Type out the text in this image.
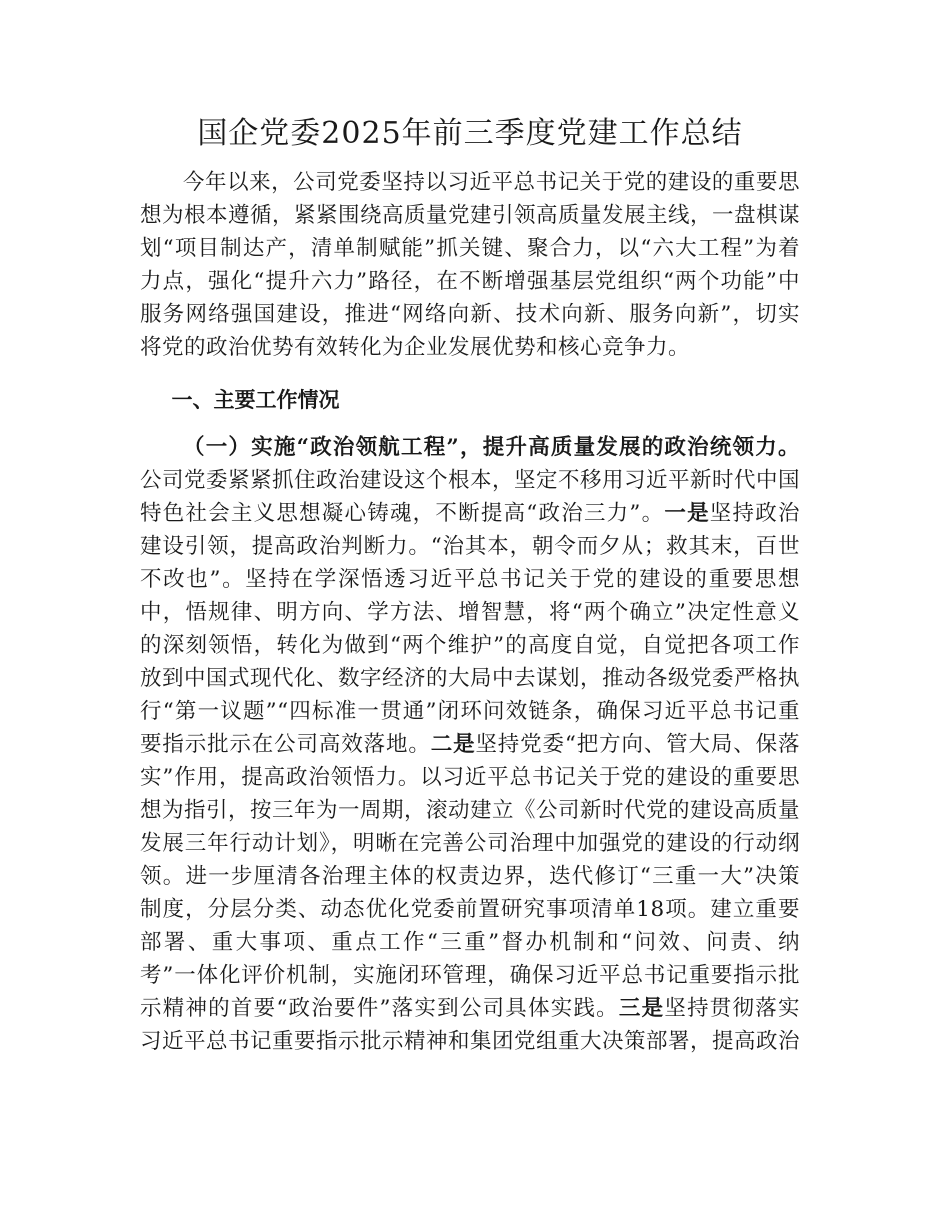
国企党委2025年前三季度党建工作总结

今年以来，公司党委坚持以习近平总书记关于党的建设的重要思想为根本遵循，紧紧围绕高质量党建引领高质量发展主线，一盘棋谋划“项目制达产，清单制赋能”抓关键、聚合力，以“六大工程”为着力点，强化“提升六力”路径，在不断增强基层党组织“两个功能”中服务网络强国建设，推进“网络向新、技术向新、服务向新”，切实将党的政治优势有效转化为企业发展优势和核心竞争力。

一、主要工作情况

（一）实施“政治领航工程”，提升高质量发展的政治统领力。公司党委紧紧抓住政治建设这个根本，坚定不移用习近平新时代中国特色社会主义思想凝心铸魂，不断提高“政治三力”。一是坚持政治建设引领，提高政治判断力。“治其本，朝令而夕从；救其末，百世不改也”。坚持在学深悟透习近平总书记关于党的建设的重要思想中，悟规律、明方向、学方法、增智慧，将“两个确立”决定性意义的深刻领悟，转化为做到“两个维护”的高度自觉，自觉把各项工作放到中国式现代化、数字经济的大局中去谋划，推动各级党委严格执行“第一议题”“四标准一贯通”闭环问效链条，确保习近平总书记重要指示批示在公司高效落地。二是坚持党委“把方向、管大局、保落实”作用，提高政治领悟力。以习近平总书记关于党的建设的重要思想为指引，按三年为一周期，滚动建立《公司新时代党的建设高质量发展三年行动计划》，明晰在完善公司治理中加强党的建设的行动纲领。进一步厘清各治理主体的权责边界，迭代修订“三重一大”决策制度，分层分类、动态优化党委前置研究事项清单18项。建立重要部署、重大事项、重点工作“三重”督办机制和“问效、问责、纳考”一体化评价机制，实施闭环管理，确保习近平总书记重要指示批示精神的首要“政治要件”落实到公司具体实践。三是坚持贯彻落实习近平总书记重要指示批示精神和集团党组重大决策部署，提高政治
